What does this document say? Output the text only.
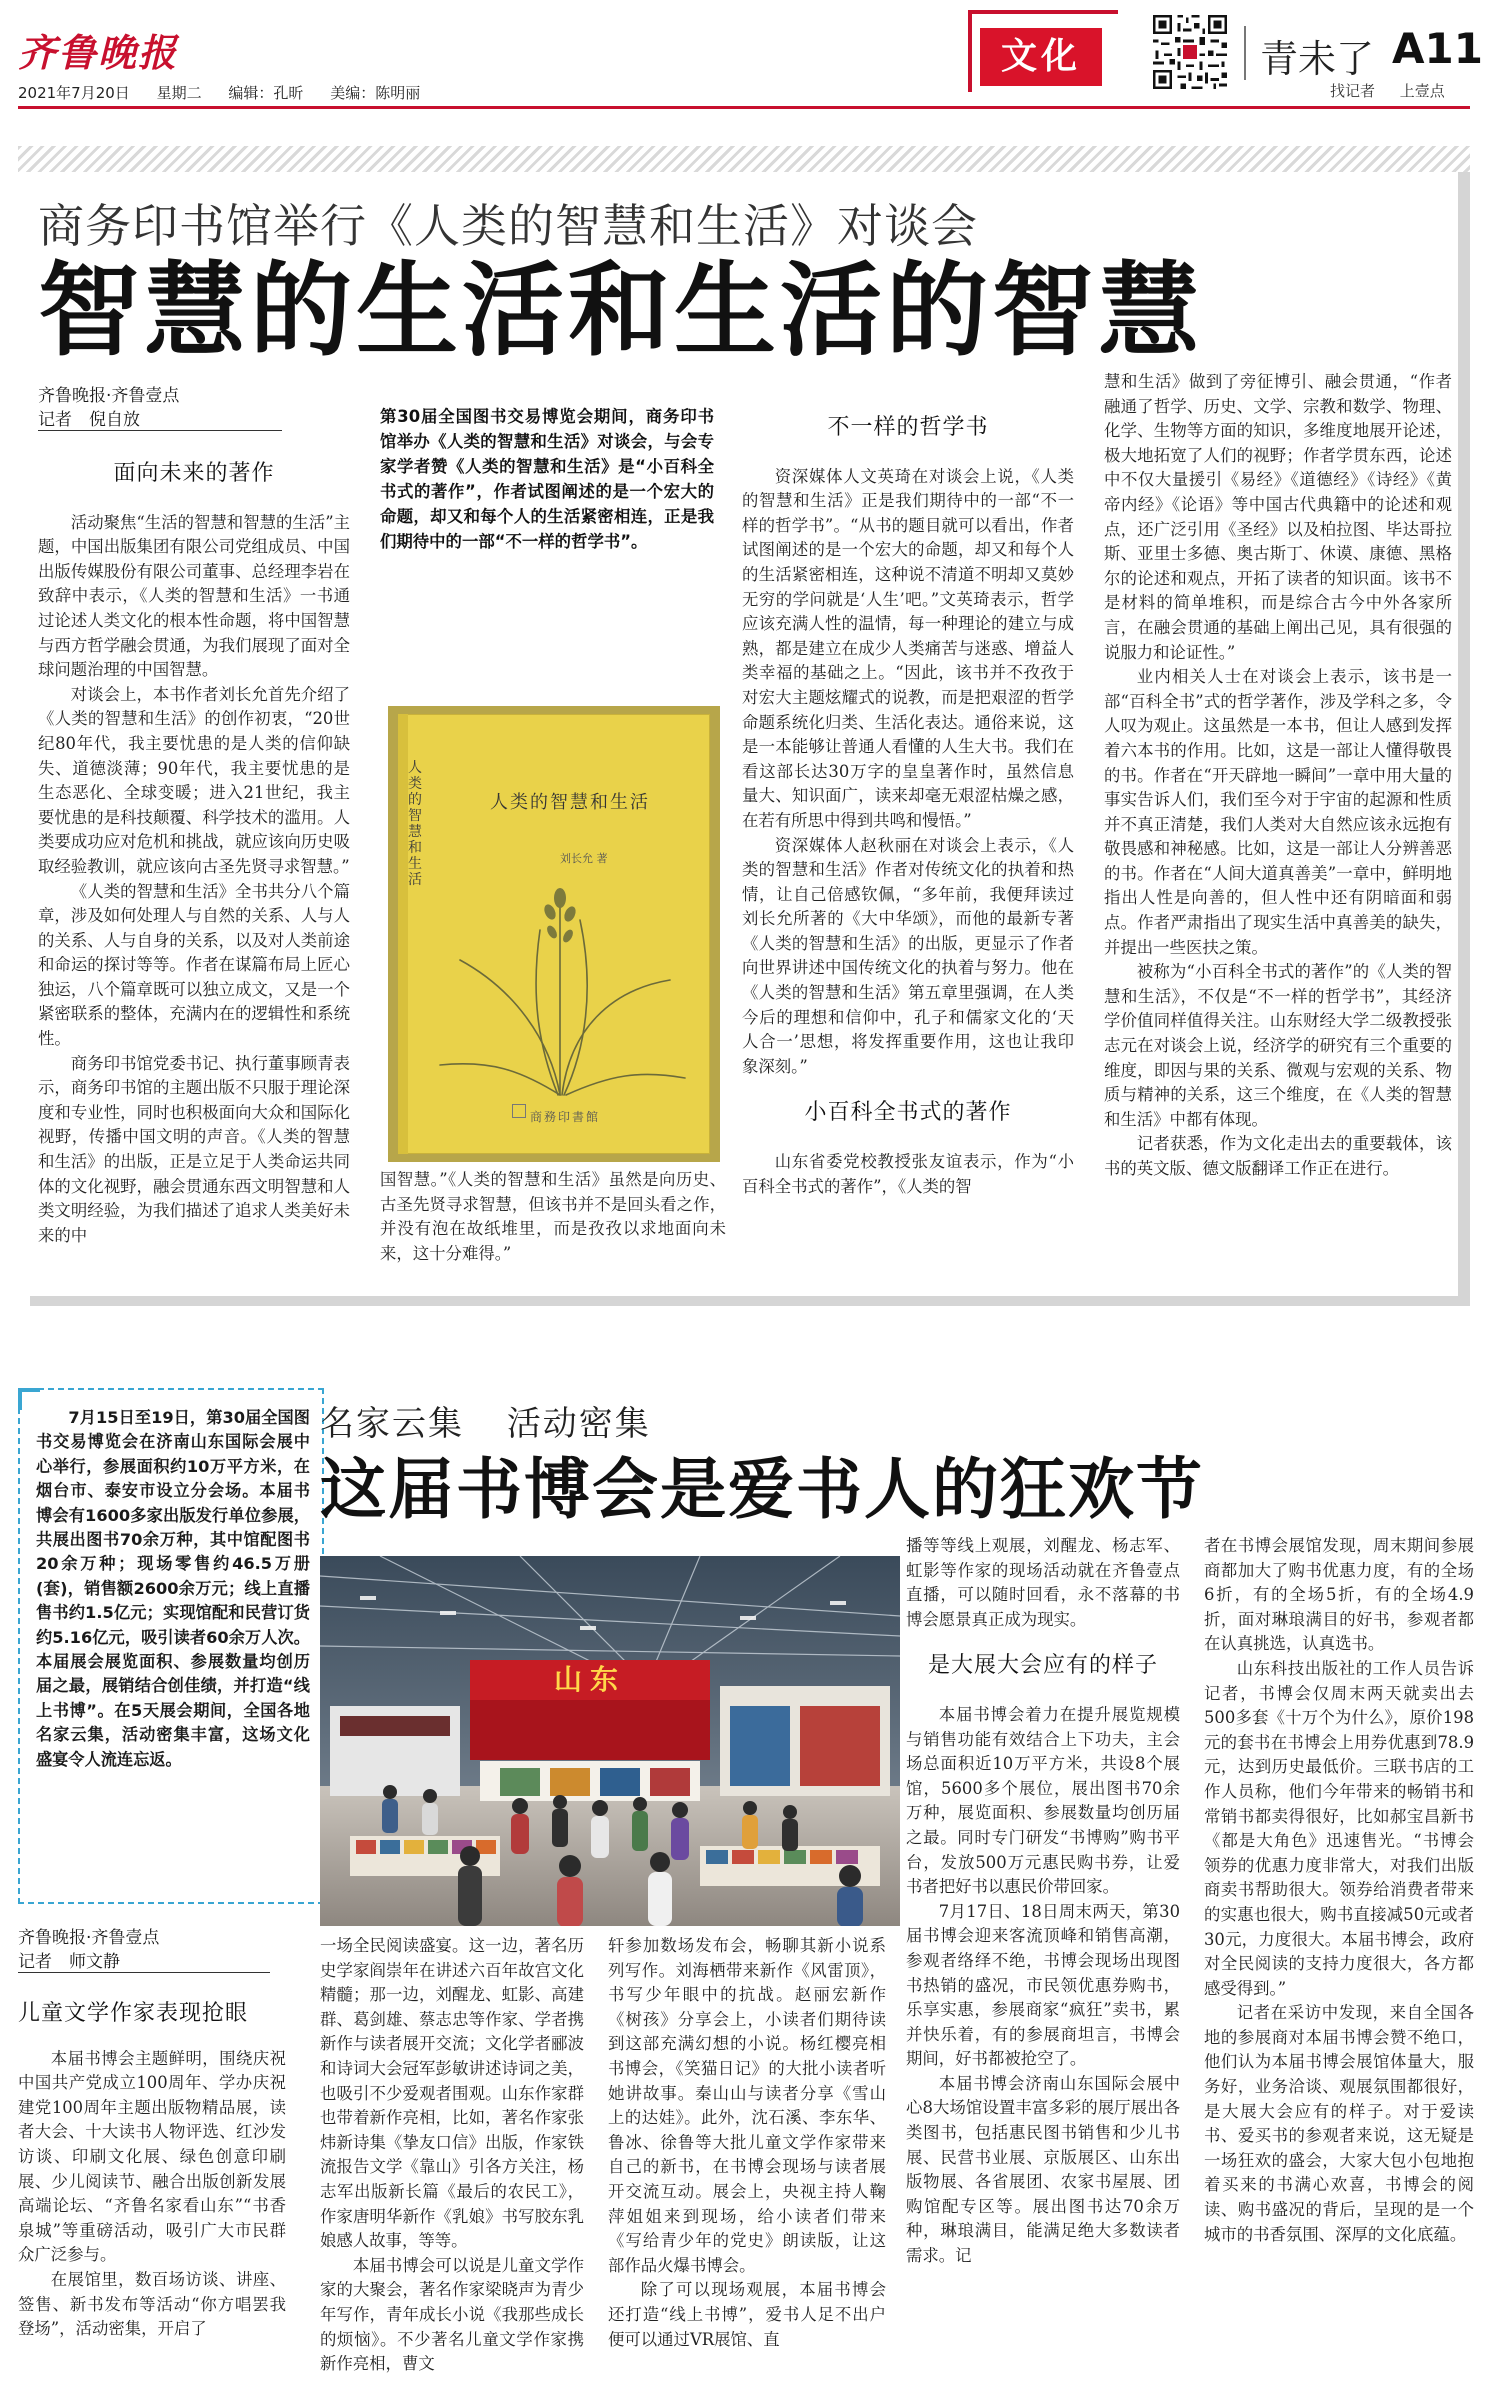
齐鲁晚报
2021年7月20日 星期二 编辑：孔昕 美编：陈明丽
文化	青未了 A11
找记者 上壹点
商务印书馆举行《人类的智慧和生活》对谈会
智慧的生活和生活的智慧
齐鲁晚报·齐鲁壹点
记者　倪自放
面向未来的著作

活动聚焦“生活的智慧和智慧的生活”主题，中国出版集团有限公司党组成员、中国出版传媒股份有限公司董事、总经理李岩在致辞中表示，《人类的智慧和生活》一书通过论述人类文化的根本性命题，将中国智慧与西方哲学融会贯通，为我们展现了面对全球问题治理的中国智慧。

对谈会上，本书作者刘长允首先介绍了《人类的智慧和生活》的创作初衷，“20世纪80年代，我主要忧患的是人类的信仰缺失、道德淡薄；90年代，我主要忧患的是生态恶化、全球变暖；进入21世纪，我主要忧患的是科技颠覆、科学技术的滥用。人类要成功应对危机和挑战，就应该向历史吸取经验教训，就应该向古圣先贤寻求智慧。”

《人类的智慧和生活》全书共分八个篇章，涉及如何处理人与自然的关系、人与人的关系、人与自身的关系，以及对人类前途和命运的探讨等等。作者在谋篇布局上匠心独运，八个篇章既可以独立成文，又是一个紧密联系的整体，充满内在的逻辑性和系统性。

商务印书馆党委书记、执行董事顾青表示，商务印书馆的主题出版不只服于理论深度和专业性，同时也积极面向大众和国际化视野，传播中国文明的声音。《人类的智慧和生活》的出版，正是立足于人类命运共同体的文化视野，融会贯通东西文明智慧和人类文明经验，为我们描述了追求人类美好未来的中

第30届全国图书交易博览会期间，商务印书馆举办《人类的智慧和生活》对谈会，与会专家学者赞《人类的智慧和生活》是“小百科全书式的著作”，作者试图阐述的是一个宏大的命题，却又和每个人的生活紧密相连，正是我们期待中的一部“不一样的哲学书”。
人类的智慧和生活
人类的智慧和生活
刘长允 著
商務印書館

国智慧。”《人类的智慧和生活》虽然是向历史、古圣先贤寻求智慧，但该书并不是回头看之作，并没有泡在故纸堆里，而是孜孜以求地面向未来，这十分难得。”

不一样的哲学书

资深媒体人文英琦在对谈会上说，《人类的智慧和生活》正是我们期待中的一部“不一样的哲学书”。“从书的题目就可以看出，作者试图阐述的是一个宏大的命题，却又和每个人的生活紧密相连，这种说不清道不明却又莫妙无穷的学问就是‘人生’吧。”文英琦表示，哲学应该充满人性的温情，每一种理论的建立与成熟，都是建立在成少人类痛苦与迷惑、增益人类幸福的基础之上。“因此，该书并不孜孜于对宏大主题炫耀式的说教，而是把艰涩的哲学命题系统化归类、生活化表达。通俗来说，这是一本能够让普通人看懂的人生大书。我们在看这部长达30万字的皇皇著作时，虽然信息量大、知识面广，读来却毫无艰涩枯燥之感，在若有所思中得到共鸣和慢悟。”

资深媒体人赵秋丽在对谈会上表示，《人类的智慧和生活》作者对传统文化的执着和热情，让自己倍感钦佩，“多年前，我便拜读过刘长允所著的《大中华颂》，而他的最新专著《人类的智慧和生活》的出版，更显示了作者向世界讲述中国传统文化的执着与努力。他在《人类的智慧和生活》第五章里强调，在人类今后的理想和信仰中，孔子和儒家文化的‘天人合一’思想，将发挥重要作用，这也让我印象深刻。”

小百科全书式的著作

山东省委党校教授张友谊表示，作为“小百科全书式的著作”，《人类的智

慧和生活》做到了旁征博引、融会贯通，“作者融通了哲学、历史、文学、宗教和数学、物理、化学、生物等方面的知识，多维度地展开论述，极大地拓宽了人们的视野；作者学贯东西，论述中不仅大量援引《易经》《道德经》《诗经》《黄帝内经》《论语》等中国古代典籍中的论述和观点，还广泛引用《圣经》以及柏拉图、毕达哥拉斯、亚里士多德、奥古斯丁、休谟、康德、黑格尔的论述和观点，开拓了读者的知识面。该书不是材料的简单堆积，而是综合古今中外各家所言，在融会贯通的基础上阐出己见，具有很强的说服力和论证性。”

业内相关人士在对谈会上表示，该书是一部“百科全书”式的哲学著作，涉及学科之多，令人叹为观止。这虽然是一本书，但让人感到发挥着六本书的作用。比如，这是一部让人懂得敬畏的书。作者在“开天辟地一瞬间”一章中用大量的事实告诉人们，我们至今对于宇宙的起源和性质并不真正清楚，我们人类对大自然应该永远抱有敬畏感和神秘感。比如，这是一部让人分辨善恶的书。作者在“人间大道真善美”一章中，鲜明地指出人性是向善的，但人性中还有阴暗面和弱点。作者严肃指出了现实生活中真善美的缺失，并提出一些医扶之策。

被称为“小百科全书式的著作”的《人类的智慧和生活》，不仅是“不一样的哲学书”，其经济学价值同样值得关注。山东财经大学二级教授张志元在对谈会上说，经济学的研究有三个重要的维度，即因与果的关系、微观与宏观的关系、物质与精神的关系，这三个维度，在《人类的智慧和生活》中都有体现。

记者获悉，作为文化走出去的重要载体，该书的英文版、德文版翻译工作正在进行。

7月15日至19日，第30届全国图书交易博览会在济南山东国际会展中心举行，参展面积约10万平方米，在烟台市、泰安市设立分会场。本届书博会有1600多家出版发行单位参展，共展出图书70余万种，其中馆配图书20余万种；现场零售约46.5万册(套)，销售额2600余万元；线上直播售书约1.5亿元；实现馆配和民营订货约5.16亿元，吸引读者60余万人次。本届展会展览面积、参展数量均创历届之最，展销结合创佳绩，并打造“线上书博”。在5天展会期间，全国各地名家云集，活动密集丰富，这场文化盛宴令人流连忘返。

名家云集 活动密集
这届书博会是爱书人的狂欢节
山东
齐鲁晚报·齐鲁壹点
记者　师文静
儿童文学作家表现抢眼

本届书博会主题鲜明，围绕庆祝中国共产党成立100周年、学办庆祝建党100周年主题出版物精品展，读者大会、十大读书人物评选、红沙发访谈、印刷文化展、绿色创意印刷展、少儿阅读节、融合出版创新发展高端论坛、“齐鲁名家看山东”“书香泉城”等重磅活动，吸引广大市民群众广泛参与。

在展馆里，数百场访谈、讲座、签售、新书发布等活动“你方唱罢我登场”，活动密集，开启了

一场全民阅读盛宴。这一边，著名历史学家阎崇年在讲述六百年故宫文化精髓；那一边，刘醒龙、虹影、高建群、葛剑雄、蔡志忠等作家、学者携新作与读者展开交流；文化学者郦波和诗词大会冠军彭敏讲述诗词之美，也吸引不少爱观者围观。山东作家群也带着新作亮相，比如，著名作家张炜新诗集《挚友口信》出版，作家铁流报告文学《靠山》引各方关注，杨志军出版新长篇《最后的农民工》，作家唐明华新作《乳娘》书写胶东乳娘感人故事，等等。

本届书博会可以说是儿童文学作家的大聚会，著名作家梁晓声为青少年写作，青年成长小说《我那些成长的烦恼》。不少著名儿童文学作家携新作亮相，曹文

轩参加数场发布会，畅聊其新小说系列写作。刘海栖带来新作《风雷顶》，书写少年眼中的抗战。赵丽宏新作《树孩》分享会上，小读者们期待读到这部充满幻想的小说。杨红樱亮相书博会，《笑猫日记》的大批小读者听她讲故事。秦山山与读者分享《雪山上的达娃》。此外，沈石溪、李东华、鲁冰、徐鲁等大批儿童文学作家带来自己的新书，在书博会现场与读者展开交流互动。展会上，央视主持人鞠萍姐姐来到现场，给小读者们带来《写给青少年的党史》朗读版，让这部作品火爆书博会。

除了可以现场观展，本届书博会还打造“线上书博”，爱书人足不出户便可以通过VR展馆、直

播等等线上观展，刘醒龙、杨志军、虹影等作家的现场活动就在齐鲁壹点直播，可以随时回看，永不落幕的书博会愿景真正成为现实。

是大展大会应有的样子

本届书博会着力在提升展览规模与销售功能有效结合上下功夫，主会场总面积近10万平方米，共设8个展馆，5600多个展位，展出图书70余万种，展览面积、参展数量均创历届之最。同时专门研发“书博购”购书平台，发放500万元惠民购书券，让爱书者把好书以惠民价带回家。

7月17日、18日周末两天，第30届书博会迎来客流顶峰和销售高潮，参观者络绎不绝，书博会现场出现图书热销的盛况，市民领优惠券购书，乐享实惠，参展商家“疯狂”卖书，累并快乐着，有的参展商坦言，书博会期间，好书都被抢空了。

本届书博会济南山东国际会展中心8大场馆设置丰富多彩的展厅展出各类图书，包括惠民图书销售和少儿书展、民营书业展、京版展区、山东出版物展、各省展团、农家书屋展、团购馆配专区等。展出图书达70余万种，琳琅满目，能满足绝大多数读者需求。记

者在书博会展馆发现，周末期间参展商都加大了购书优惠力度，有的全场6折，有的全场5折，有的全场4.9折，面对琳琅满目的好书，参观者都在认真挑选，认真选书。

山东科技出版社的工作人员告诉记者，书博会仅周末两天就卖出去500多套《十万个为什么》，原价198元的套书在书博会上用券优惠到78.9元，达到历史最低价。三联书店的工作人员称，他们今年带来的畅销书和常销书都卖得很好，比如郝宝昌新书《都是大角色》迅速售光。“书博会领券的优惠力度非常大，对我们出版商卖书帮助很大。领券给消费者带来的实惠也很大，购书直接减50元或者30元，力度很大。本届书博会，政府对全民阅读的支持力度很大，各方都感受得到。”

记者在采访中发现，来自全国各地的参展商对本届书博会赞不绝口，他们认为本届书博会展馆体量大，服务好，业务洽谈、观展氛围都很好，是大展大会应有的样子。对于爱读书、爱买书的参观者来说，这无疑是一场狂欢的盛会，大家大包小包地抱着买来的书满心欢喜，书博会的阅读、购书盛况的背后，呈现的是一个城市的书香氛围、深厚的文化底蕴。
